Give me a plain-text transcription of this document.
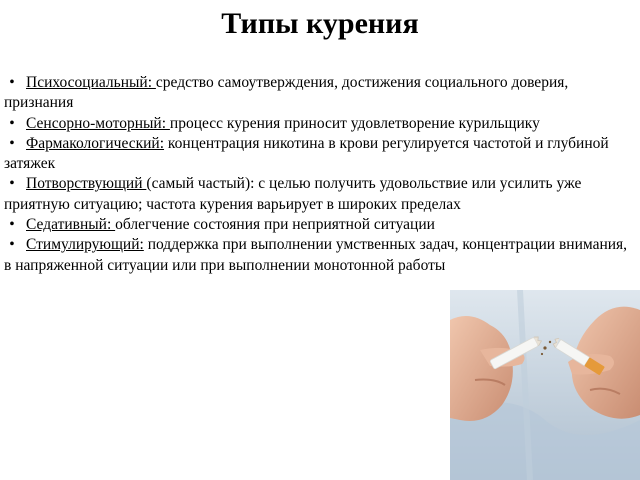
Типы курения
• Психосоциальный: средство самоутверждения, достижения социального доверия, признания
• Сенсорно-моторный: процесс курения приносит удовлетворение курильщику
• Фармакологический: концентрация никотина в крови регулируется частотой и глубиной затяжек
• Потворствующий (самый частый): с целью получить удовольствие или усилить уже приятную ситуацию; частота курения варьирует в широких пределах
• Седативный: облегчение состояния при неприятной ситуации
• Стимулирующий: поддержка при выполнении умственных задач, концентрации внимания, в напряженной ситуации или при выполнении монотонной работы
